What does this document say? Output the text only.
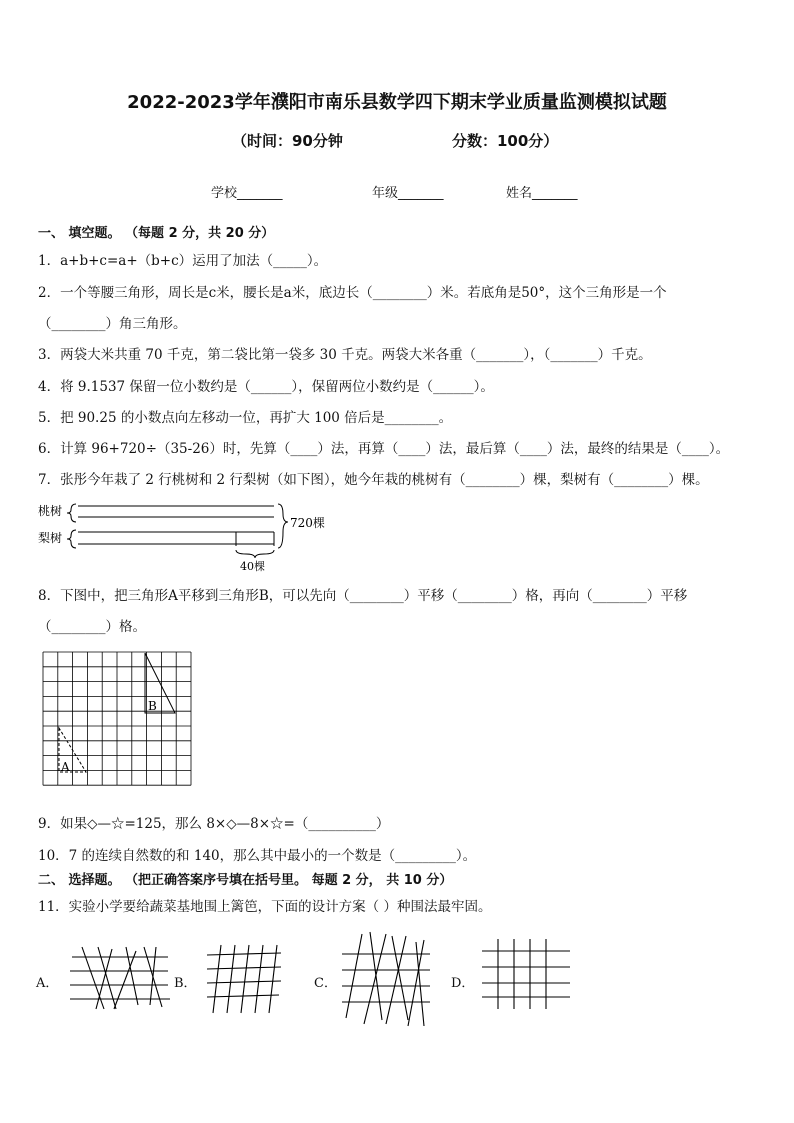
2022-2023学年濮阳市南乐县数学四下期末学业质量监测模拟试题
（时间：90分钟	分数：100分）
学校_______	年级_______	姓名_______
一、 填空题。 （每题 2 分，共 20 分）
1．a+b+c=a+（b+c）运用了加法（_____）。
2．一个等腰三角形，周长是c米，腰长是a米，底边长（________）米。若底角是50°，这个三角形是一个
（________）角三角形。
3．两袋大米共重 70 千克，第二袋比第一袋多 30 千克。两袋大米各重（_______），（_______）千克。
4．将 9.1537 保留一位小数约是（______），保留两位小数约是（______）。
5．把 90.25 的小数点向左移动一位，再扩大 100 倍后是________。
6．计算 96+720÷（35-26）时，先算（____）法，再算（____）法，最后算（____）法，最终的结果是（____）。
7．张彤今年栽了 2 行桃树和 2 行梨树（如下图），她今年栽的桃树有（________）棵，梨树有（________）棵。
桃树
梨树
720棵
40棵
8．下图中，把三角形A平移到三角形B，可以先向（________）平移（________）格，再向（________）平移
（________）格。
B
A
9．如果◇—☆=125，那么 8×◇—8×☆=（__________）
10．7 的连续自然数的和 140，那么其中最小的一个数是（_________）。
二、 选择题。 （把正确答案序号填在括号里。 每题 2 分， 共 10 分）
11．实验小学要给蔬菜基地围上篱笆，下面的设计方案（ ）种围法最牢固。
A．	B．	C．	D．
